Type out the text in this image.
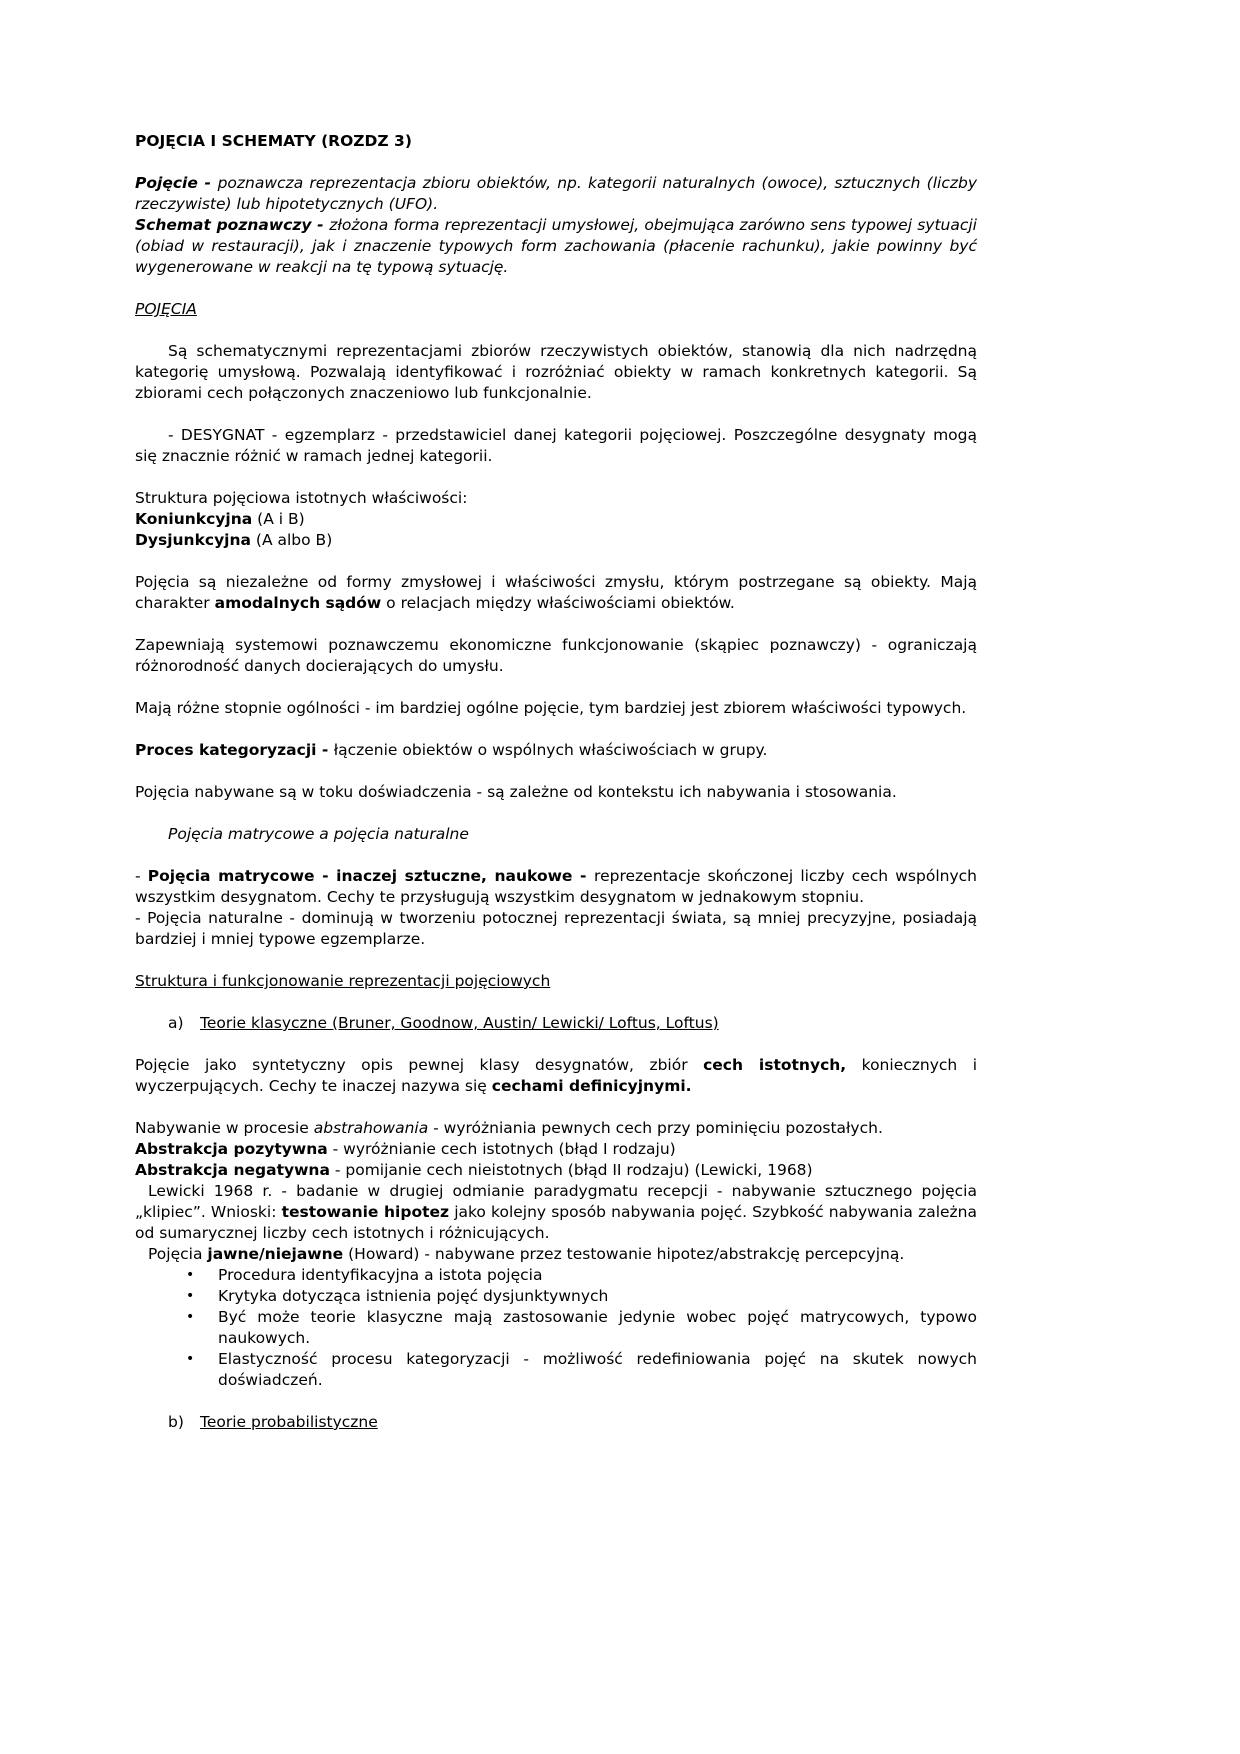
POJĘCIA I SCHEMATY (ROZDZ 3)

Pojęcie - poznawcza reprezentacja zbioru obiektów, np. kategorii naturalnych (owoce), sztucznych (liczby rzeczywiste) lub hipotetycznych (UFO).

Schemat poznawczy - złożona forma reprezentacji umysłowej, obejmująca zarówno sens typowej sytuacji (obiad w restauracji), jak i znaczenie typowych form zachowania (płacenie rachunku), jakie powinny być wygenerowane w reakcji na tę typową sytuację.

POJĘCIA

Są schematycznymi reprezentacjami zbiorów rzeczywistych obiektów, stanowią dla nich nadrzędną kategorię umysłową. Pozwalają identyfikować i rozróżniać obiekty w ramach konkretnych kategorii. Są zbiorami cech połączonych znaczeniowo lub funkcjonalnie.

- DESYGNAT - egzemplarz - przedstawiciel danej kategorii pojęciowej. Poszczególne desygnaty mogą się znacznie różnić w ramach jednej kategorii.

Struktura pojęciowa istotnych właściwości:

Koniunkcyjna (A i B)

Dysjunkcyjna (A albo B)

Pojęcia są niezależne od formy zmysłowej i właściwości zmysłu, którym postrzegane są obiekty. Mają charakter amodalnych sądów o relacjach między właściwościami obiektów.

Zapewniają systemowi poznawczemu ekonomiczne funkcjonowanie (skąpiec poznawczy) - ograniczają różnorodność danych docierających do umysłu.

Mają różne stopnie ogólności - im bardziej ogólne pojęcie, tym bardziej jest zbiorem właściwości typowych.

Proces kategoryzacji - łączenie obiektów o wspólnych właściwościach w grupy.

Pojęcia nabywane są w toku doświadczenia - są zależne od kontekstu ich nabywania i stosowania.

Pojęcia matrycowe a pojęcia naturalne

- Pojęcia matrycowe - inaczej sztuczne, naukowe - reprezentacje skończonej liczby cech wspólnych wszystkim desygnatom. Cechy te przysługują wszystkim desygnatom w jednakowym stopniu.

- Pojęcia naturalne - dominują w tworzeniu potocznej reprezentacji świata, są mniej precyzyjne, posiadają bardziej i mniej typowe egzemplarze.

Struktura i funkcjonowanie reprezentacji pojęciowych

a)	Teorie klasyczne (Bruner, Goodnow, Austin/ Lewicki/ Loftus, Loftus)

Pojęcie jako syntetyczny opis pewnej klasy desygnatów, zbiór cech istotnych, koniecznych i wyczerpujących. Cechy te inaczej nazywa się cechami definicyjnymi.

Nabywanie w procesie abstrahowania - wyróżniania pewnych cech przy pominięciu pozostałych.

Abstrakcja pozytywna - wyróżnianie cech istotnych (błąd I rodzaju)

Abstrakcja negatywna - pomijanie cech nieistotnych (błąd II rodzaju) (Lewicki, 1968)

Lewicki 1968 r. - badanie w drugiej odmianie paradygmatu recepcji - nabywanie sztucznego pojęcia „klipiec”. Wnioski: testowanie hipotez jako kolejny sposób nabywania pojęć. Szybkość nabywania zależna od sumarycznej liczby cech istotnych i różnicujących.

Pojęcia jawne/niejawne (Howard) - nabywane przez testowanie hipotez/abstrakcję percepcyjną.

•	Procedura identyfikacyjna a istota pojęcia
•	Krytyka dotycząca istnienia pojęć dysjunktywnych
•	Być może teorie klasyczne mają zastosowanie jedynie wobec pojęć matrycowych, typowo naukowych.
•	Elastyczność procesu kategoryzacji - możliwość redefiniowania pojęć na skutek nowych doświadczeń.
b)	Teorie probabilistyczne
